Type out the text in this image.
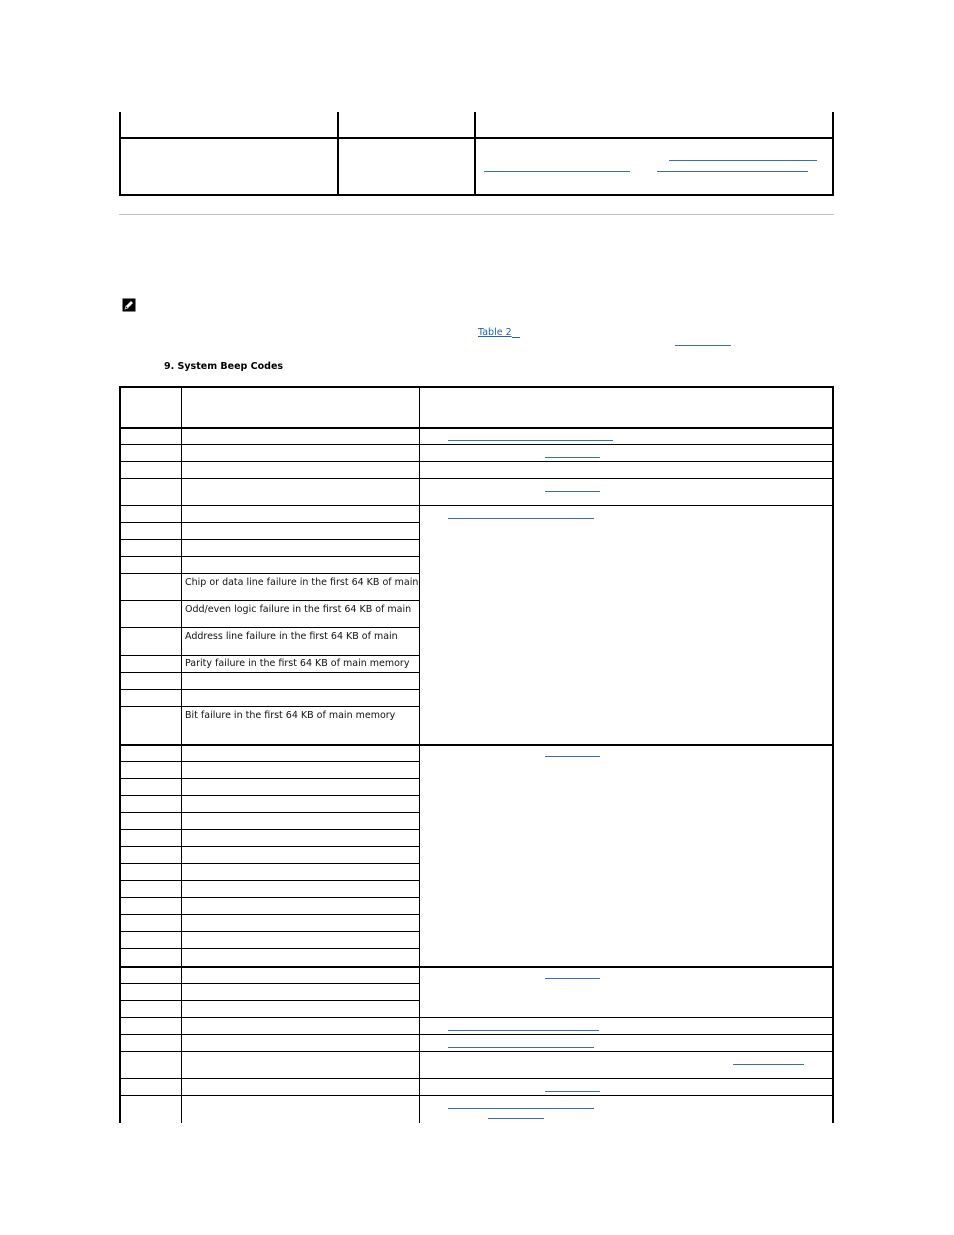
Table 2
9. System Beep Codes
Chip or data line failure in the first 64 KB of main
Odd/even logic failure in the first 64 KB of main
Address line failure in the first 64 KB of main
Parity failure in the first 64 KB of main memory
Bit failure in the first 64 KB of main memory
